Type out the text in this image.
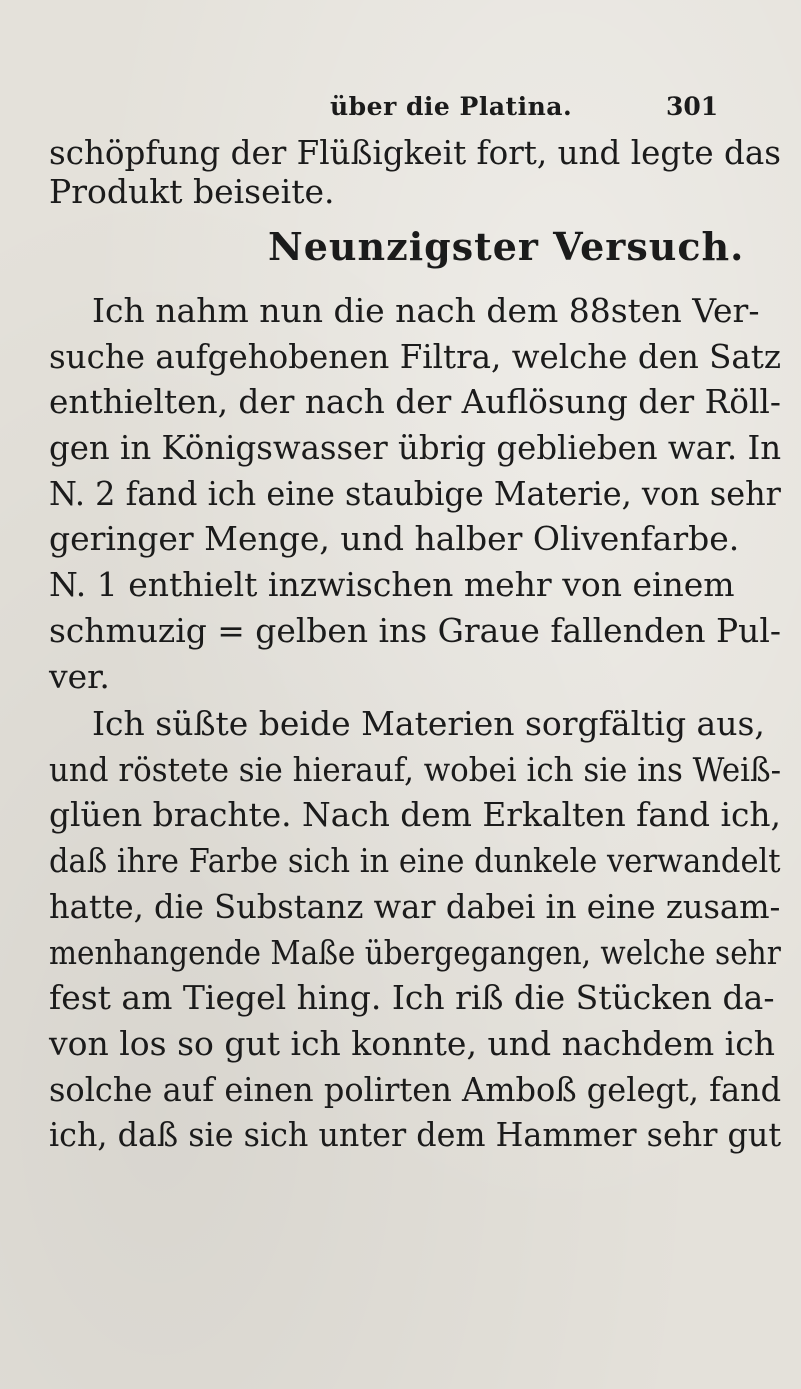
über die Platina.	301
schöpfung der Flüßigkeit fort, und legte das
Produkt beiseite.
Neunzigster Versuch.
Ich nahm nun die nach dem 88sten Ver-
suche aufgehobenen Filtra, welche den Satz
enthielten, der nach der Auflösung der Röll-
gen in Königswasser übrig geblieben war. In
N. 2 fand ich eine staubige Materie, von sehr
geringer Menge, und halber Olivenfarbe.
N. 1 enthielt inzwischen mehr von einem
schmuzig = gelben ins Graue fallenden Pul-
ver.
Ich süßte beide Materien sorgfältig aus,
und röstete sie hierauf, wobei ich sie ins Weiß-
glüen brachte. Nach dem Erkalten fand ich,
daß ihre Farbe sich in eine dunkele verwandelt
hatte, die Substanz war dabei in eine zusam-
menhangende Maße übergegangen, welche sehr
fest am Tiegel hing. Ich riß die Stücken da-
von los so gut ich konnte, und nachdem ich
solche auf einen polirten Amboß gelegt, fand
ich, daß sie sich unter dem Hammer sehr gut
